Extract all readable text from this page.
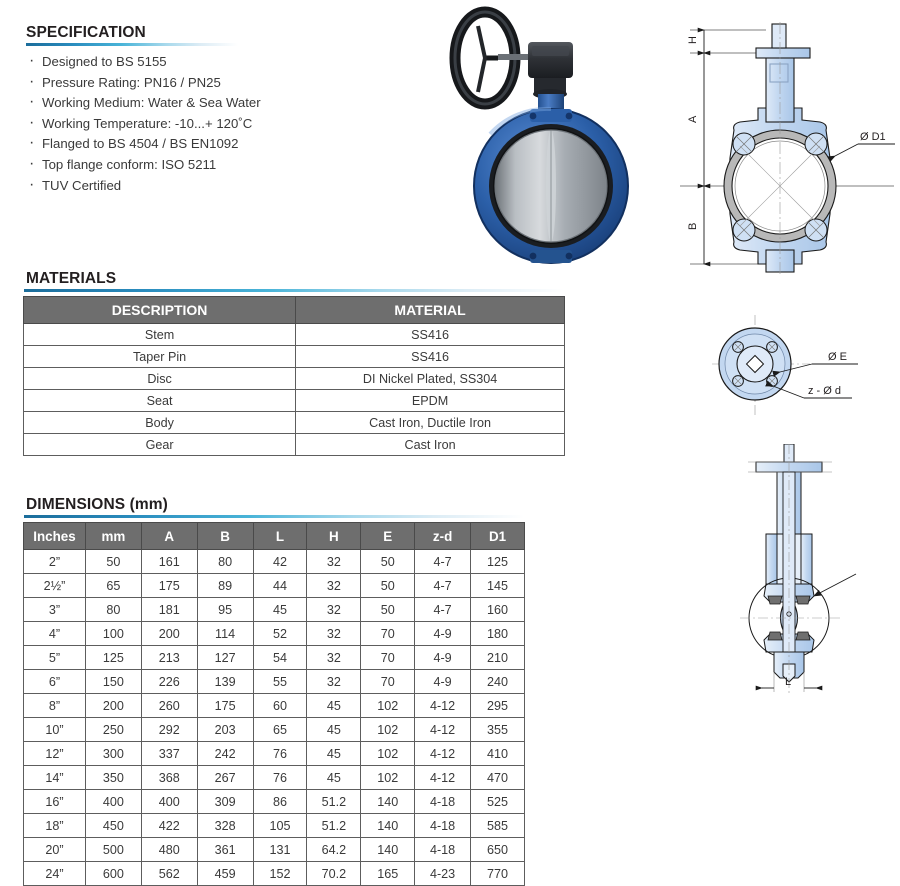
SPECIFICATION
· Designed to BS 5155
· Pressure Rating: PN16 / PN25
· Working Medium: Water & Sea Water
· Working Temperature: -10...+ 120˚C
· Flanged to BS 4504 / BS EN1092
· Top flange conform: ISO 5211
· TUV Certified
H
A
B
Ø D1
Ø E
z - Ø d
L
MATERIALS
DESCRIPTION	MATERIAL
Stem	SS416
Taper Pin	SS416
Disc	DI Nickel Plated, SS304
Seat	EPDM
Body	Cast Iron, Ductile Iron
Gear	Cast Iron
DIMENSIONS (mm)
Inches	mm	A	B	L	H	E	z-d	D1
2”	50	161	80	42	32	50	4-7	125
2½”	65	175	89	44	32	50	4-7	145
3”	80	181	95	45	32	50	4-7	160
4”	100	200	114	52	32	70	4-9	180
5”	125	213	127	54	32	70	4-9	210
6”	150	226	139	55	32	70	4-9	240
8”	200	260	175	60	45	102	4-12	295
10”	250	292	203	65	45	102	4-12	355
12”	300	337	242	76	45	102	4-12	410
14”	350	368	267	76	45	102	4-12	470
16”	400	400	309	86	51.2	140	4-18	525
18”	450	422	328	105	51.2	140	4-18	585
20”	500	480	361	131	64.2	140	4-18	650
24”	600	562	459	152	70.2	165	4-23	770
